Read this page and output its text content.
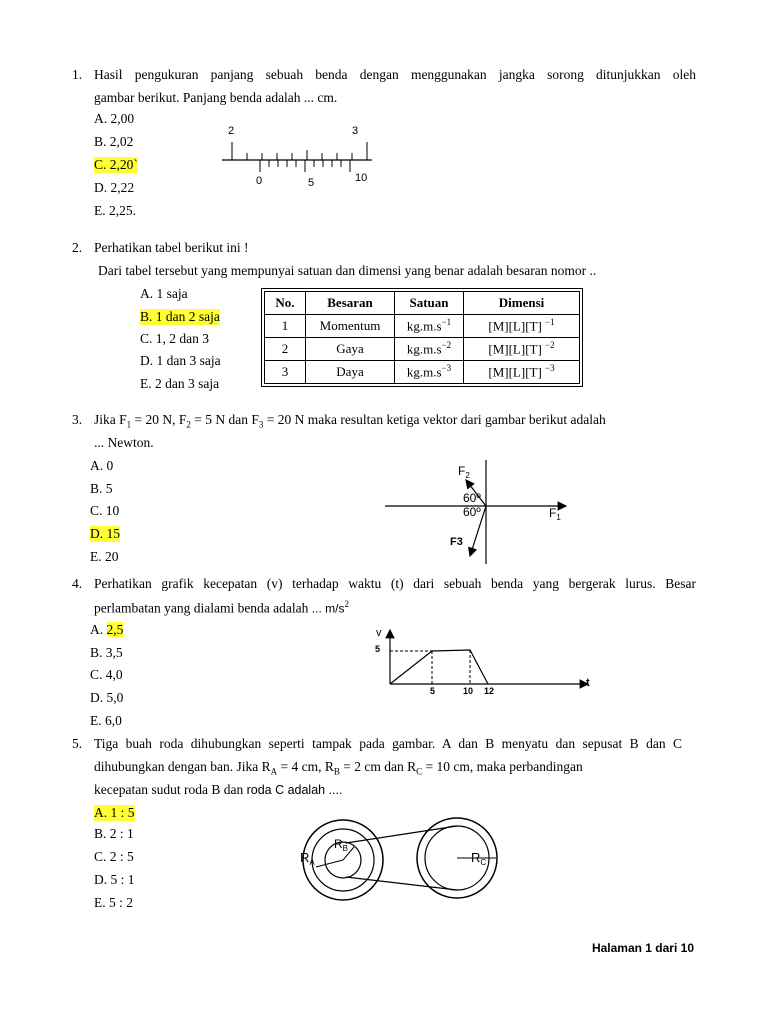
1. Hasil pengukuran panjang sebuah benda dengan menggunakan jangka sorong ditunjukkan oleh
gambar berikut. Panjang benda adalah ... cm.
A. 2,00
B. 2,02
C. 2,20`
D. 2,22
E. 2,25.
2	3
0	5	10
2. Perhatikan tabel berikut ini !
Dari tabel tersebut yang mempunyai satuan dan dimensi yang benar adalah besaran nomor ..
A. 1 saja
B. 1 dan 2 saja
C. 1, 2 dan 3
D. 1 dan 3 saja
E. 2 dan 3 saja
No.	Besaran	Satuan	Dimensi
1	Momentum	$kg.m.s^{-1}$	[M][L][T] $^{-1}$
2	Gaya	$kg.m.s^{-2}$	[M][L][T] $^{-2}$
3	Daya	$kg.m.s^{-3}$	[M][L][T] $^{-3}$
3. Jika $F_1 = 20$ N, $F_2 = 5$ N dan $F_3 = 20$ N maka resultan ketiga vektor dari gambar berikut adalah
... Newton.
A. 0
B. 5
C. 10
D. 15
E. 20
$F_2$
60º
60º	$F_1$
F3
4. Perhatikan grafik kecepatan (v) terhadap waktu (t) dari sebuah benda yang bergerak lurus. Besar
perlambatan yang dialami benda adalah ... $m/s^2$
A. 2,5
B. 3,5
C. 4,0
D. 5,0
E. 6,0
v
5
5	10 12
t
5. Tiga buah roda dihubungkan seperti tampak pada gambar. A dan B menyatu dan sepusat B dan C
dihubungkan dengan ban. Jika $R_A = 4$ cm, $R_B = 2$ cm dan $R_C = 10$ cm, maka perbandingan
kecepatan sudut roda B dan roda C adalah ....
A. 1 : 5
B. 2 : 1
C. 2 : 5
D. 5 : 1
E. 5 : 2
$R_A$
$R_B$
$R_C$
Halaman 1 dari 10
